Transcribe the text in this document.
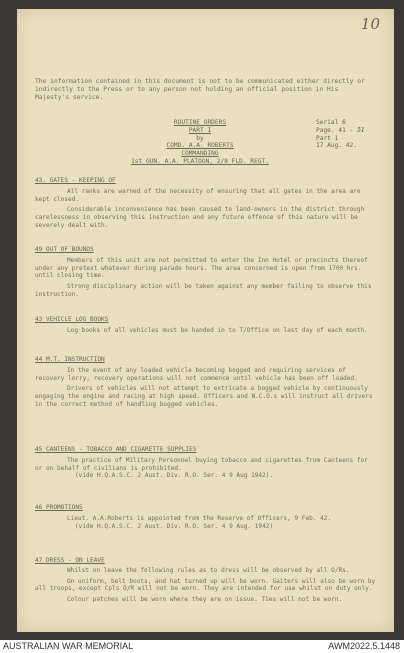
10
The information contained in this document is not to be communicated either directly or indirectly to the Press or to any person not holding an official position in His Majesty's service.
ROUTINE ORDERS
PART I
by
COMD. A.A. ROBERTS
COMMANDING
1st GUN. A.A. PLATOON, 2/8 FLD. REGT.
Serial 6
Page. 41 - 51
Part 1
17 Aug. 42.
43. GATES - KEEPING OF

All ranks are warned of the necessity of ensuring that all gates in the area are kept closed.

Considerable inconvenience has been caused to land-owners in the district through carelessness in observing this instruction and any future offence of this nature will be severely dealt with.

49 OUT OF BOUNDS

Members of this unit are not permitted to enter the Inn Hotel or precincts thereof under any pretext whatever during parade hours. The area concerned is open from 1700 hrs. until closing time.

Strong disciplinary action will be taken against any member failing to observe this instruction.

43 VEHICLE LOG BOOKS

Log books of all vehicles must be handed in to T/Office on last day of each month.

44 M.T. INSTRUCTION

In the event of any loaded vehicle becoming bogged and requiring services of recovery lorry, recovery operations will not commence until vehicle has been off loaded.

Drivers of vehicles will not attempt to extricate a bogged vehicle by continuously engaging the engine and racing at high speed. Officers and N.C.O.s will instruct all drivers in the correct method of handling bogged vehicles.

45 CANTEENS - TOBACCO AND CIGARETTE SUPPLIES

The practice of Military Personnel buying tobacco and cigarettes from Canteens for or on behalf of civilians is prohibited.

(vide H.Q.A.S.C. 2 Aust. Div. R.O. Ser. 4 9 Aug 1942).
46 PROMOTIONS

Lieut. A.A.Roberts is appointed from the Reserve of Officers, 9 Feb. 42.

(vide H.Q.A.S.C. 2 Aust. Div. R.O. Ser. 4 9 Aug. 1942)
47 DRESS - ON LEAVE

Whilst on leave the following rules as to dress will be observed by all O/Rs.

On uniform, belt boots, and hat turned up will be worn. Gaiters will also be worn by all troops, except Cpls O/R will not be worn. They are intended for use whilst on duty only.

Colour patches will be worn where they are on issue. Ties will not be worn.

AUSTRALIAN WAR MEMORIAL	AWM2022.5.1448
